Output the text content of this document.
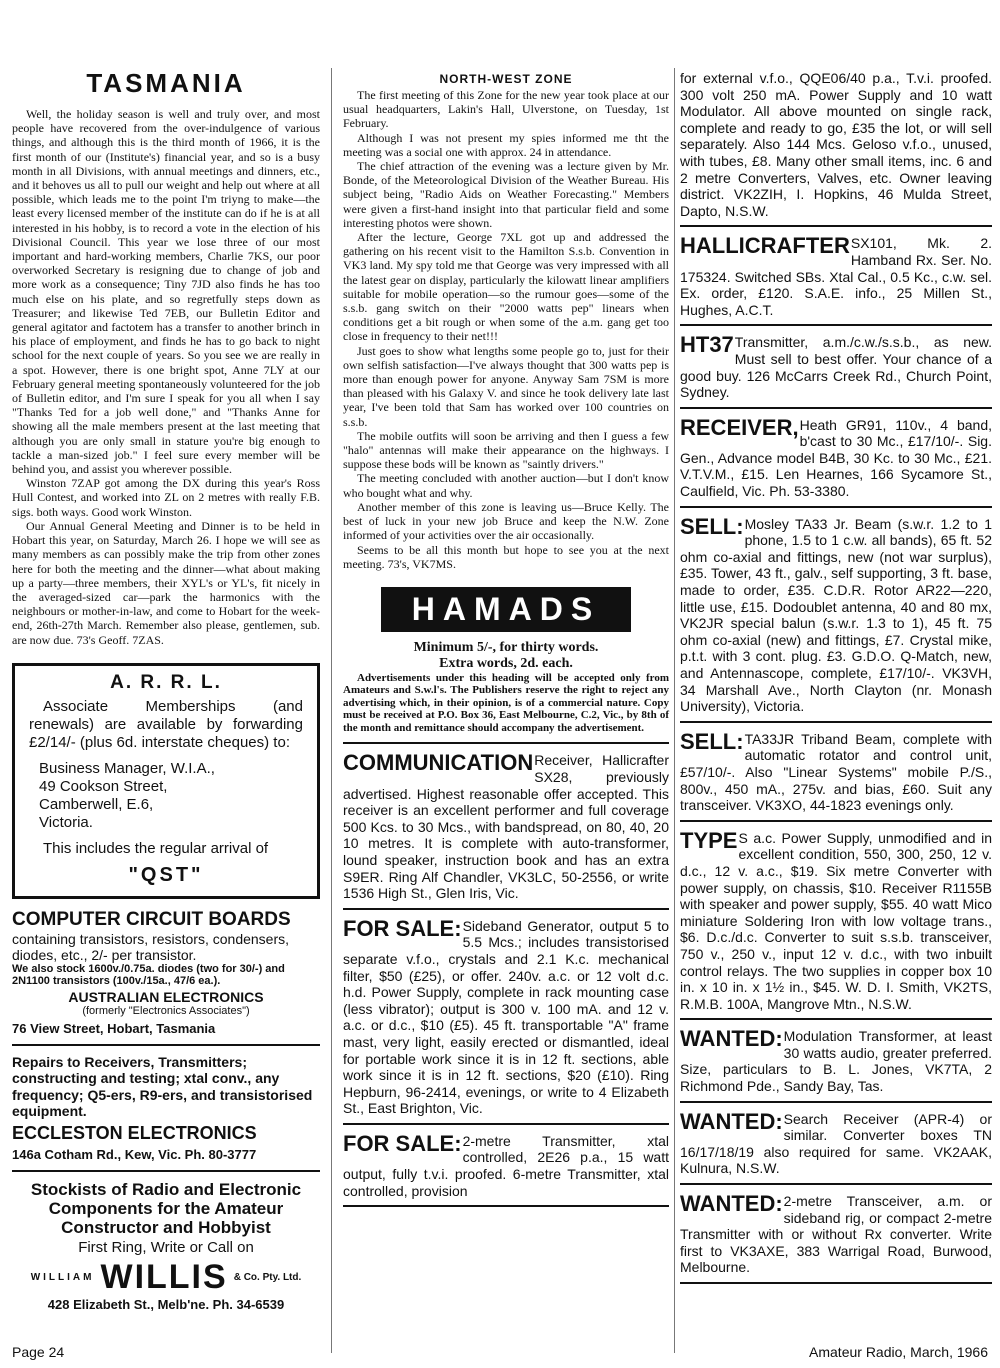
TASMANIA

Well, the holiday season is well and truly over, and most people have recovered from the over-indulgence of various things, and although this is the third month of 1966, it is the first month of our (Institute's) financial year, and so is a busy month in all Divisions, with annual meetings and dinners, etc., and it behoves us all to pull our weight and help out where at all possible, which leads me to the point I'm triyng to make—the least every licensed member of the institute can do if he is at all interested in his hobby, is to record a vote in the election of his Divisional Council. This year we lose three of our most important and hard-working members, Charlie 7KS, our poor overworked Secretary is resigning due to change of job and more work as a consequence; Tiny 7JD also finds he has too much else on his plate, and so regretfully steps down as Treasurer; and likewise Ted 7EB, our Bulletin Editor and general agitator and factotem has a transfer to another brinch in his place of employment, and finds he has to go back to night school for the next couple of years. So you see we are really in a spot. However, there is one bright spot, Anne 7LY at our February general meeting spontaneously volunteered for the job of Bulletin editor, and I'm sure I speak for you all when I say "Thanks Ted for a job well done," and "Thanks Anne for showing all the male members present at the last meeting that although you are only small in stature you're big enough to tackle a man-sized job." I feel sure every member will be behind you, and assist you wherever possible.

Winston 7ZAP got among the DX during this year's Ross Hull Contest, and worked into ZL on 2 metres with really F.B. sigs. both ways. Good work Winston.

Our Annual General Meeting and Dinner is to be held in Hobart this year, on Saturday, March 26. I hope we will see as many members as can possibly make the trip from other zones here for both the meeting and the dinner—what about making up a party—three members, their XYL's or YL's, fit nicely in the averaged-sized car—park the harmonics with the neighbours or mother-in-law, and come to Hobart for the week-end, 26th-27th March. Remember also please, gentlemen, sub. are now due. 73's Geoff. 7ZAS.

A. R. R. L.

Associate Memberships (and renewals) are available by forwarding £2/14/- (plus 6d. interstate cheques) to:

Business Manager, W.I.A.,
49 Cookson Street,
Camberwell, E.6,
Victoria.

This includes the regular arrival of

"QST"
COMPUTER CIRCUIT BOARDS
containing transistors, resistors, condensers, diodes, etc., 2/- per transistor.
We also stock 1600v./0.75a. diodes (two for 30/-) and 2N1100 transistors (100v./15a., 47/6 ea.).
AUSTRALIAN ELECTRONICS
(formerly "Electronics Associates")
76 View Street, Hobart, Tasmania
Repairs to Receivers, Transmitters; constructing and testing; xtal conv., any frequency; Q5-ers, R9-ers, and transistorised equipment.
ECCLESTON ELECTRONICS
146a Cotham Rd., Kew, Vic. Ph. 80-3777
Stockists of Radio and Electronic Components for the Amateur Constructor and Hobbyist
First Ring, Write or Call on
WILLIAM WILLIS & Co. Pty. Ltd.
428 Elizabeth St., Melb'ne. Ph. 34-6539
NORTH-WEST ZONE

The first meeting of this Zone for the new year took place at our usual headquarters, Lakin's Hall, Ulverstone, on Tuesday, 1st February.

Although I was not present my spies informed me tht the meeting was a social one with approx. 24 in attendance.

The chief attraction of the evening was a lecture given by Mr. Bonde, of the Meteorological Division of the Weather Bureau. His subject being, "Radio Aids on Weather Forecasting." Members were given a first-hand insight into that particular field and some interesting photos were shown.

After the lecture, George 7XL got up and addressed the gathering on his recent visit to the Hamilton S.s.b. Convention in VK3 land. My spy told me that George was very impressed with all the latest gear on display, particularly the kilowatt linear amplifiers suitable for mobile operation—so the rumour goes—some of the s.s.b. gang switch on their "2000 watts pep" linears when conditions get a bit rough or when some of the a.m. gang get too close in frequency to their net!!!

Just goes to show what lengths some people go to, just for their own selfish satisfaction—I've always thought that 300 watts pep is more than enough power for anyone. Anyway Sam 7SM is more than pleased with his Galaxy V. and since he took delivery late last year, I've been told that Sam has worked over 100 countries on s.s.b.

The mobile outfits will soon be arriving and then I guess a few "halo" antennas will make their appearance on the highways. I suppose these bods will be known as "saintly drivers."

The meeting concluded with another auction—but I don't know who bought what and why.

Another member of this zone is leaving us—Bruce Kelly. The best of luck in your new job Bruce and keep the N.W. Zone informed of your activities over the air occasionally.

Seems to be all this month but hope to see you at the next meeting. 73's, VK7MS.

HAMADS
Minimum 5/-, for thirty words.
Extra words, 2d. each.

Advertisements under this heading will be accepted only from Amateurs and S.w.l's. The Publishers reserve the right to reject any advertising which, in their opinion, is of a commercial nature. Copy must be received at P.O. Box 36, East Melbourne, C.2, Vic., by 8th of the month and remittance should accompany the advertisement.

COMMUNICATION Receiver, Hallicrafter SX28, previously advertised. Highest reasonable offer accepted. This receiver is an excellent performer and full coverage 500 Kcs. to 30 Mcs., with bandspread, on 80, 40, 20 10 metres. It is complete with auto-transformer, lound speaker, instruction book and has an extra S9ER. Ring Alf Chandler, VK3LC, 50-2556, or write 1536 High St., Glen Iris, Vic.
FOR SALE: Sideband Generator, output 5 to 5.5 Mcs.; includes transistorised separate v.f.o., crystals and 2.1 K.c. mechanical filter, $50 (£25), or offer. 240v. a.c. or 12 volt d.c. h.d. Power Supply, complete in rack mounting case (less vibrator); output is 300 v. 100 mA. and 12 v. a.c. or d.c., $10 (£5). 45 ft. transportable "A" frame mast, very light, easily erected or dismantled, ideal for portable work since it is in 12 ft. sections, able work since it is in 12 ft. sections, $20 (£10). Ring Hepburn, 96-2414, evenings, or write to 4 Elizabeth St., East Brighton, Vic.
FOR SALE: 2-metre Transmitter, xtal controlled, 2E26 p.a., 15 watt output, fully t.v.i. proofed. 6-metre Transmitter, xtal controlled, provision
for external v.f.o., QQE06/40 p.a., T.v.i. proofed. 300 volt 250 mA. Power Supply and 10 watt Modulator. All above mounted on single rack, complete and ready to go, £35 the lot, or will sell separately. Also 144 Mcs. Geloso v.f.o., unused, with tubes, £8. Many other small items, inc. 6 and 2 metre Converters, Valves, etc. Owner leaving district. VK2ZIH, I. Hopkins, 46 Mulda Street, Dapto, N.S.W.
HALLICRAFTER SX101, Mk. 2. Hamband Rx. Ser. No. 175324. Switched SBs. Xtal Cal., 0.5 Kc., c.w. sel. Ex. order, £120. S.A.E. info., 25 Millen St., Hughes, A.C.T.
HT37 Transmitter, a.m./c.w./s.s.b., as new. Must sell to best offer. Your chance of a good buy. 126 McCarrs Creek Rd., Church Point, Sydney.
RECEIVER, Heath GR91, 110v., 4 band, b'cast to 30 Mc., £17/10/-. Sig. Gen., Advance model B4B, 30 Kc. to 30 Mc., £21. V.T.V.M., £15. Len Hearnes, 166 Sycamore St., Caulfield, Vic. Ph. 53-3380.
SELL: Mosley TA33 Jr. Beam (s.w.r. 1.2 to 1 phone, 1.5 to 1 c.w. all bands), 65 ft. 52 ohm co-axial and fittings, new (not war surplus), £35. Tower, 43 ft., galv., self supporting, 3 ft. base, made to order, £35. C.D.R. Rotor AR22—220, little use, £15. Dodoublet antenna, 40 and 80 mx, VK2JR special balun (s.w.r. 1.3 to 1), 45 ft. 75 ohm co-axial (new) and fittings, £7. Crystal mike, p.t.t. with 3 cont. plug. £3. G.D.O. Q-Match, new, and Antennascope, complete, £17/10/-. VK3VH, 34 Marshall Ave., North Clayton (nr. Monash University), Victoria.
SELL: TA33JR Triband Beam, complete with automatic rotator and control unit, £57/10/-. Also "Linear Systems" mobile P./S., 800v., 450 mA., 275v. and bias, £60. Suit any transceiver. VK3XO, 44-1823 evenings only.
TYPE S a.c. Power Supply, unmodified and in excellent condition, 550, 300, 250, 12 v. d.c., 12 v. a.c., $19. Six metre Converter with power supply, on chassis, $10. Receiver R1155B with speaker and power supply, $55. 40 watt Mico miniature Soldering Iron with low voltage trans., $6. D.c./d.c. Converter to suit s.s.b. transceiver, 750 v., 250 v., input 12 v. d.c., with two inbuilt control relays. The two supplies in copper box 10 in. x 10 in. x 1½ in., $45. W. D. I. Smith, VK2TS, R.M.B. 100A, Mangrove Mtn., N.S.W.
WANTED: Modulation Transformer, at least 30 watts audio, greater preferred. Size, particulars to B. L. Jones, VK7TA, 2 Richmond Pde., Sandy Bay, Tas.
WANTED: Search Receiver (APR-4) or similar. Converter boxes TN 16/17/18/19 also required for same. VK2AAK, Kulnura, N.S.W.
WANTED: 2-metre Transceiver, a.m. or sideband rig, or compact 2-metre Transmitter with or without Rx converter. Write first to VK3AXE, 383 Warrigal Road, Burwood, Melbourne.
Page 24	Amateur Radio, March, 1966
